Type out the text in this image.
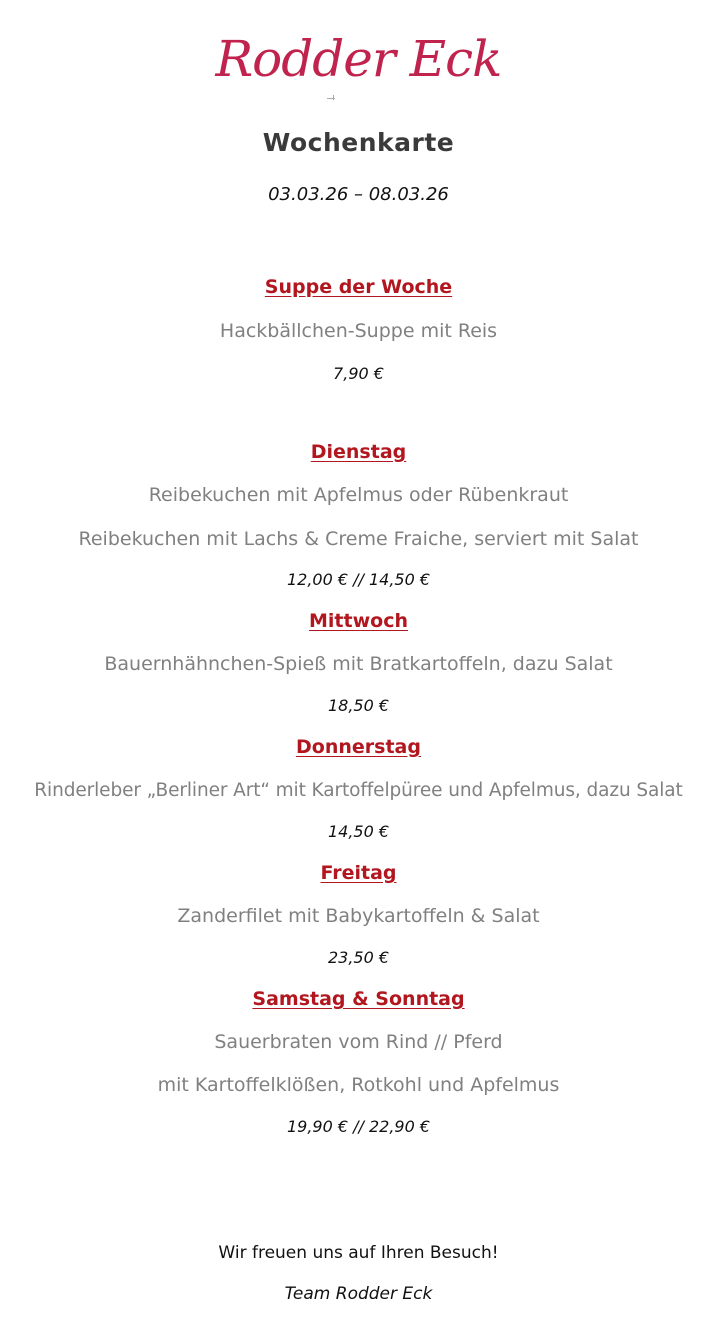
Rodder Eck
Wochenkarte
03.03.26 – 08.03.26
Suppe der Woche
Hackbällchen-Suppe mit Reis
7,90 €
Dienstag
Reibekuchen mit Apfelmus oder Rübenkraut
Reibekuchen mit Lachs & Creme Fraiche, serviert mit Salat
12,00 € // 14,50 €
Mittwoch
Bauernhähnchen-Spieß mit Bratkartoffeln, dazu Salat
18,50 €
Donnerstag
Rinderleber „Berliner Art“ mit Kartoffelpüree und Apfelmus, dazu Salat
14,50 €
Freitag
Zanderfilet mit Babykartoffeln & Salat
23,50 €
Samstag & Sonntag
Sauerbraten vom Rind // Pferd
mit Kartoffelklößen, Rotkohl und Apfelmus
19,90 € // 22,90 €
Wir freuen uns auf Ihren Besuch!
Team Rodder Eck
